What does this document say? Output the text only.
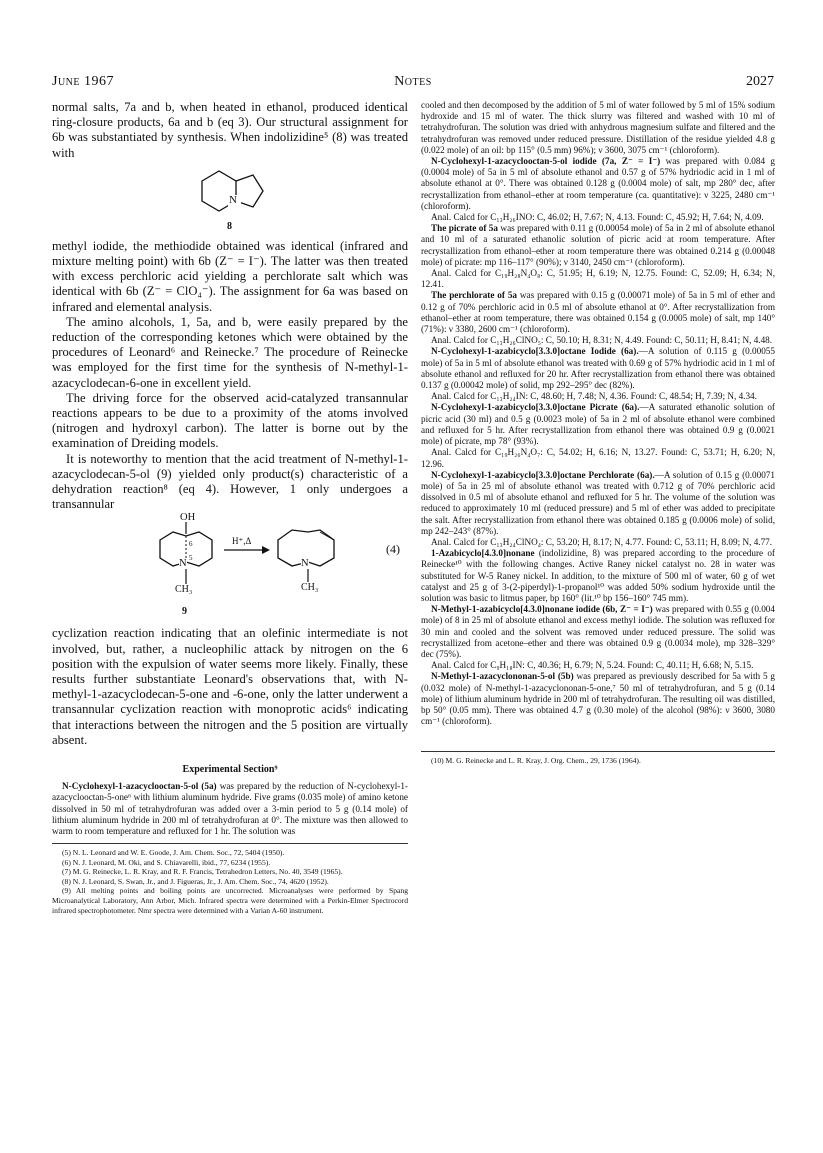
June 1967	Notes	2027

normal salts, 7a and b, when heated in ethanol, produced identical ring-closure products, 6a and b (eq 3). Our structural assignment for 6b was substantiated by synthesis. When indolizidine⁵ (8) was treated with

N
8

methyl iodide, the methiodide obtained was identical (infrared and mixture melting point) with 6b (Z⁻ = I⁻). The latter was then treated with excess perchloric acid yielding a perchlorate salt which was identical with 6b (Z⁻ = ClO₄⁻). The assignment for 6a was based on infrared and elemental analysis.

The amino alcohols, 1, 5a, and b, were easily prepared by the reduction of the corresponding ketones which were obtained by the procedures of Leonard⁶ and Reinecke.⁷ The procedure of Reinecke was employed for the first time for the synthesis of N-methyl-1-azacyclodecan-6-one in excellent yield.

The driving force for the observed acid-catalyzed transannular reactions appears to be due to a proximity of the atoms involved (nitrogen and hydroxyl carbon). The latter is borne out by the examination of Dreiding models.

It is noteworthy to mention that the acid treatment of N-methyl-1-azacyclodecan-5-ol (9) yielded only product(s) characteristic of a dehydration reaction⁸ (eq 4). However, 1 only undergoes a transannular

OH
6
5
N
CH₃
H⁺,Δ
N
CH₃
(4)
9

cyclization reaction indicating that an olefinic intermediate is not involved, but, rather, a nucleophilic attack by nitrogen on the 6 position with the expulsion of water seems more likely. Finally, these results further substantiate Leonard's observations that, with N-methyl-1-azacyclodecan-5-one and -6-one, only the latter underwent a transannular cyclization reaction with monoprotic acids⁶ indicating that interactions between the nitrogen and the 5 position are virtually absent.

Experimental Section⁹

N-Cyclohexyl-1-azacyclooctan-5-ol (5a) was prepared by the reduction of N-cyclohexyl-1-azacyclooctan-5-one⁶ with lithium aluminum hydride. Five grams (0.035 mole) of amino ketone dissolved in 50 ml of tetrahydrofuran was added over a 3-min period to 5 g (0.14 mole) of lithium aluminum hydride in 200 ml of tetrahydrofuran at 0°. The mixture was then allowed to warm to room temperature and refluxed for 1 hr. The solution was

(5) N. L. Leonard and W. E. Goode, J. Am. Chem. Soc., 72, 5404 (1950).

(6) N. J. Leonard, M. Oki, and S. Chiavarelli, ibid., 77, 6234 (1955).

(7) M. G. Reinecke, L. R. Kray, and R. F. Francis, Tetrahedron Letters, No. 40, 3549 (1965).

(8) N. J. Leonard, S. Swan, Jr., and J. Figueras, Jr., J. Am. Chem. Soc., 74, 4620 (1952).

(9) All melting points and boiling points are uncorrected. Microanalyses were performed by Spang Microanalytical Laboratory, Ann Arbor, Mich. Infrared spectra were determined with a Perkin-Elmer Spectrocord infrared spectrophotometer. Nmr spectra were determined with a Varian A-60 instrument.

cooled and then decomposed by the addition of 5 ml of water followed by 5 ml of 15% sodium hydroxide and 15 ml of water. The thick slurry was filtered and washed with 10 ml of tetrahydrofuran. The solution was dried with anhydrous magnesium sulfate and filtered and the tetrahydrofuran was removed under reduced pressure. Distillation of the residue yielded 4.8 g (0.022 mole) of an oil: bp 115° (0.5 mm) 96%); ν 3600, 3075 cm⁻¹ (chloroform).

N-Cyclohexyl-1-azacyclooctan-5-ol iodide (7a, Z⁻ = I⁻) was prepared with 0.084 g (0.0004 mole) of 5a in 5 ml of absolute ethanol and 0.57 g of 57% hydriodic acid in 1 ml of absolute ethanol at 0°. There was obtained 0.128 g (0.0004 mole) of salt, mp 280° dec, after recrystallization from ethanol–ether at room temperature (ca. quantitative): ν 3225, 2480 cm⁻¹ (chloroform).

Anal. Calcd for C₁₃H₂₆INO: C, 46.02; H, 7.67; N, 4.13. Found: C, 45.92; H, 7.64; N, 4.09.

The picrate of 5a was prepared with 0.11 g (0.00054 mole) of 5a in 2 ml of absolute ethanol and 10 ml of a saturated ethanolic solution of picric acid at room temperature. After recrystallization from ethanol–ether at room temperature there was obtained 0.214 g (0.00048 mole) of picrate: mp 116–117° (90%); ν 3140, 2450 cm⁻¹ (chloroform).

Anal. Calcd for C₁₉H₂₈N₄O₈: C, 51.95; H, 6.19; N, 12.75. Found: C, 52.09; H, 6.34; N, 12.41.

The perchlorate of 5a was prepared with 0.15 g (0.00071 mole) of 5a in 5 ml of ether and 0.12 g of 70% perchloric acid in 0.5 ml of absolute ethanol at 0°. After recrystallization from ethanol–ether at room temperature, there was obtained 0.154 g (0.0005 mole) of salt, mp 140° (71%): ν 3380, 2600 cm⁻¹ (chloroform).

Anal. Calcd for C₁₃H₂₆ClNO₅: C, 50.10; H, 8.31; N, 4.49. Found: C, 50.11; H, 8.41; N, 4.48.

N-Cyclohexyl-1-azabicyclo[3.3.0]octane Iodide (6a).—A solution of 0.115 g (0.00055 mole) of 5a in 5 ml of absolute ethanol was treated with 0.69 g of 57% hydriodic acid in 1 ml of absolute ethanol and refluxed for 20 hr. After recrystallization from ethanol there was obtained 0.137 g (0.00042 mole) of solid, mp 292–295° dec (82%).

Anal. Calcd for C₁₃H₂₄IN: C, 48.60; H, 7.48; N, 4.36. Found: C, 48.54; H, 7.39; N, 4.34.

N-Cyclohexyl-1-azabicyclo[3.3.0]octane Picrate (6a).—A saturated ethanolic solution of picric acid (30 ml) and 0.5 g (0.0023 mole) of 5a in 2 ml of absolute ethanol were combined and refluxed for 5 hr. After recrystallization from ethanol there was obtained 0.9 g (0.0021 mole) of picrate, mp 78° (93%).

Anal. Calcd for C₁₉H₂₆N₄O₇: C, 54.02; H, 6.16; N, 13.27. Found: C, 53.71; H, 6.20; N, 12.96.

N-Cyclohexyl-1-azabicyclo[3.3.0]octane Perchlorate (6a).—A solution of 0.15 g (0.00071 mole) of 5a in 25 ml of absolute ethanol was treated with 0.712 g of 70% perchloric acid dissolved in 0.5 ml of absolute ethanol and refluxed for 5 hr. The volume of the solution was reduced to approximately 10 ml (reduced pressure) and 5 ml of ether was added to precipitate the salt. After recrystallization from ethanol there was obtained 0.185 g (0.0006 mole) of solid, mp 242–243° (87%).

Anal. Calcd for C₁₃H₂₄ClNO₄: C, 53.20; H, 8.17; N, 4.77. Found: C, 53.11; H, 8.09; N, 4.77.

1-Azabicyclo[4.3.0]nonane (indolizidine, 8) was prepared according to the procedure of Reinecke¹⁰ with the following changes. Active Raney nickel catalyst no. 28 in water was substituted for W-5 Raney nickel. In addition, to the mixture of 500 ml of water, 60 g of wet catalyst and 25 g of 3-(2-piperdyl)-1-propanol¹⁰ was added 50% sodium hydroxide until the solution was basic to litmus paper, bp 160° (lit.¹⁰ bp 156–160° 745 mm).

N-Methyl-1-azabicyclo[4.3.0]nonane iodide (6b, Z⁻ = I⁻) was prepared with 0.55 g (0.004 mole) of 8 in 25 ml of absolute ethanol and excess methyl iodide. The solution was refluxed for 30 min and cooled and the solvent was removed under reduced pressure. The solid was recrystallized from acetone–ether and there was obtained 0.9 g (0.0034 mole), mp 328–329° dec (75%).

Anal. Calcd for C₉H₁₈IN: C, 40.36; H, 6.79; N, 5.24. Found: C, 40.11; H, 6.68; N, 5.15.

N-Methyl-1-azacyclononan-5-ol (5b) was prepared as previously described for 5a with 5 g (0.032 mole) of N-methyl-1-azacyclononan-5-one,⁷ 50 ml of tetrahydrofuran, and 5 g (0.14 mole) of lithium aluminum hydride in 200 ml of tetrahydrofuran. The resulting oil was distilled, bp 50° (0.05 mm). There was obtained 4.7 g (0.30 mole) of the alcohol (98%): ν 3600, 3080 cm⁻¹ (chloroform).

(10) M. G. Reinecke and L. R. Kray, J. Org. Chem., 29, 1736 (1964).
